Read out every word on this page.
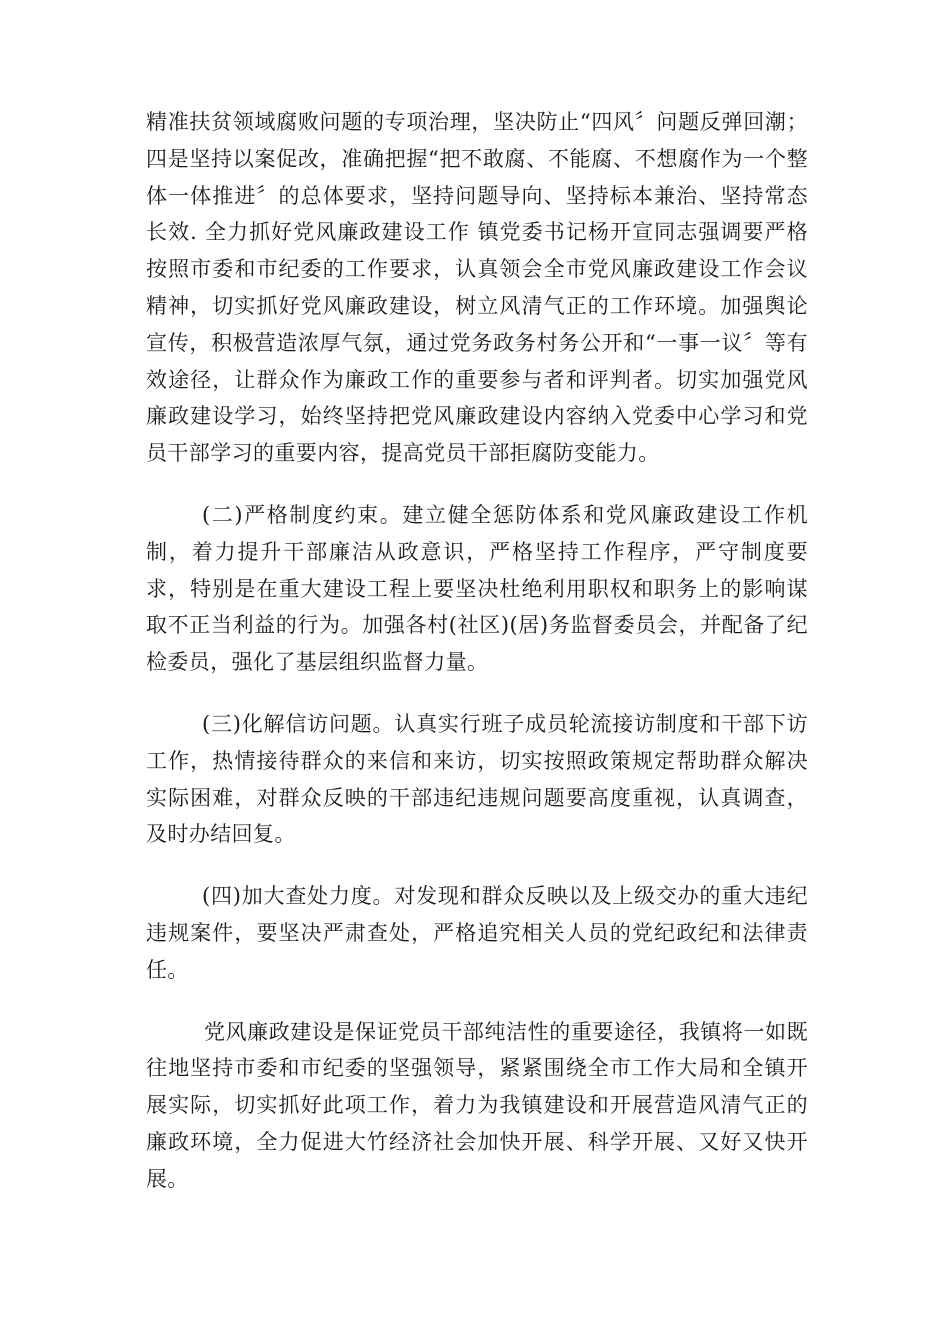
精准扶贫领域腐败问题的专项治理，坚决防止“四风〞问题反弹回潮；四是坚持以案促改，准确把握“把不敢腐、不能腐、不想腐作为一个整体一体推进〞的总体要求，坚持问题导向、坚持标本兼治、坚持常态长效. 全力抓好党风廉政建设工作 镇党委书记杨开宣同志强调要严格按照市委和市纪委的工作要求，认真领会全市党风廉政建设工作会议精神，切实抓好党风廉政建设，树立风清气正的工作环境。加强舆论宣传，积极营造浓厚气氛，通过党务政务村务公开和“一事一议〞等有效途径，让群众作为廉政工作的重要参与者和评判者。切实加强党风廉政建设学习，始终坚持把党风廉政建设内容纳入党委中心学习和党员干部学习的重要内容，提高党员干部拒腐防变能力。

(二)严格制度约束。建立健全惩防体系和党风廉政建设工作机制，着力提升干部廉洁从政意识，严格坚持工作程序，严守制度要求，特别是在重大建设工程上要坚决杜绝利用职权和职务上的影响谋取不正当利益的行为。加强各村(社区)(居)务监督委员会，并配备了纪检委员，强化了基层组织监督力量。

(三)化解信访问题。认真实行班子成员轮流接访制度和干部下访工作，热情接待群众的来信和来访，切实按照政策规定帮助群众解决实际困难，对群众反映的干部违纪违规问题要高度重视，认真调查，及时办结回复。

(四)加大查处力度。对发现和群众反映以及上级交办的重大违纪违规案件，要坚决严肃查处，严格追究相关人员的党纪政纪和法律责任。

党风廉政建设是保证党员干部纯洁性的重要途径，我镇将一如既往地坚持市委和市纪委的坚强领导，紧紧围绕全市工作大局和全镇开展实际，切实抓好此项工作，着力为我镇建设和开展营造风清气正的廉政环境，全力促进大竹经济社会加快开展、科学开展、又好又快开展。
